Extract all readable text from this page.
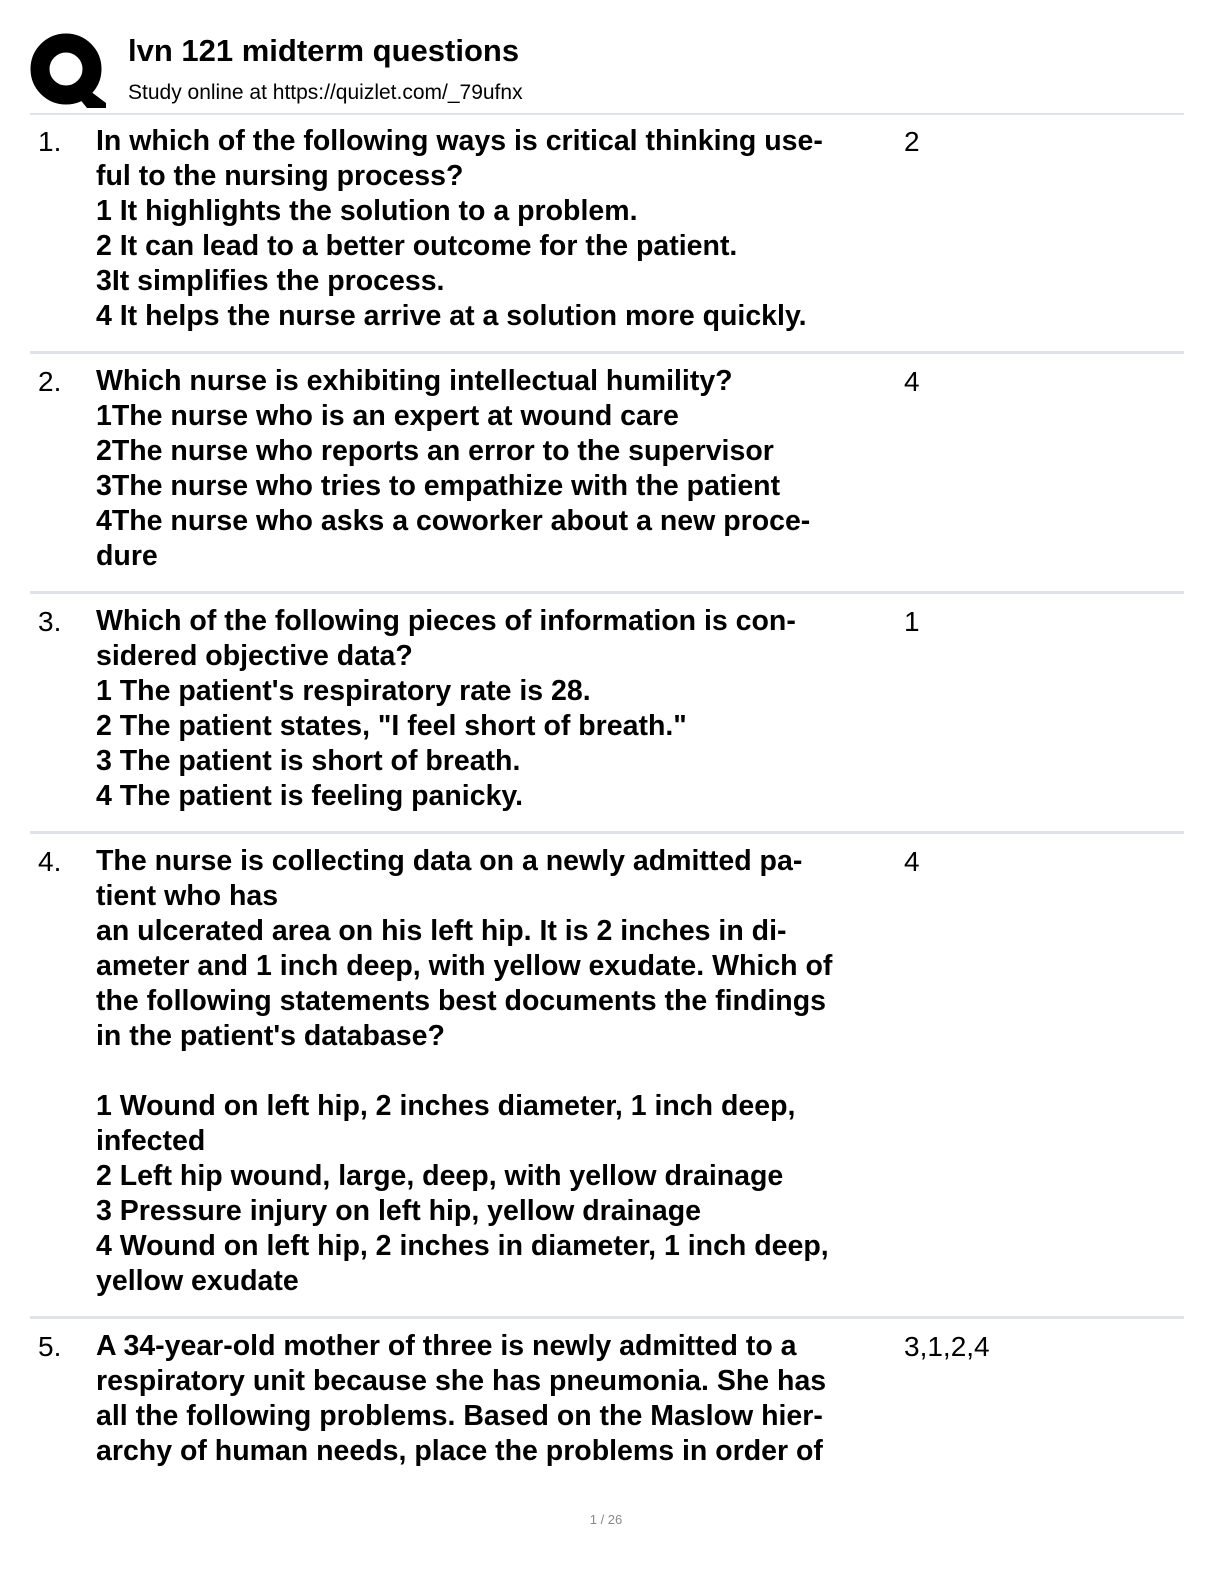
lvn 121 midterm questions
Study online at https://quizlet.com/_79ufnx
1. In which of the following ways is critical thinking use-
ful to the nursing process?
1 It highlights the solution to a problem.
2 It can lead to a better outcome for the patient.
3It simplifies the process.
4 It helps the nurse arrive at a solution more quickly.
2
2. Which nurse is exhibiting intellectual humility?
1The nurse who is an expert at wound care
2The nurse who reports an error to the supervisor
3The nurse who tries to empathize with the patient
4The nurse who asks a coworker about a new proce-
dure
4
3. Which of the following pieces of information is con-
sidered objective data?
1 The patient's respiratory rate is 28.
2 The patient states, "I feel short of breath."
3 The patient is short of breath.
4 The patient is feeling panicky.
1
4. The nurse is collecting data on a newly admitted pa-
tient who has
an ulcerated area on his left hip. It is 2 inches in di-
ameter and 1 inch deep, with yellow exudate. Which of
the following statements best documents the findings
in the patient's database?
1 Wound on left hip, 2 inches diameter, 1 inch deep,
infected
2 Left hip wound, large, deep, with yellow drainage
3 Pressure injury on left hip, yellow drainage
4 Wound on left hip, 2 inches in diameter, 1 inch deep,
yellow exudate
4
5. A 34-year-old mother of three is newly admitted to a
respiratory unit because she has pneumonia. She has
all the following problems. Based on the Maslow hier-
archy of human needs, place the problems in order of
3,1,2,4
1 / 26
